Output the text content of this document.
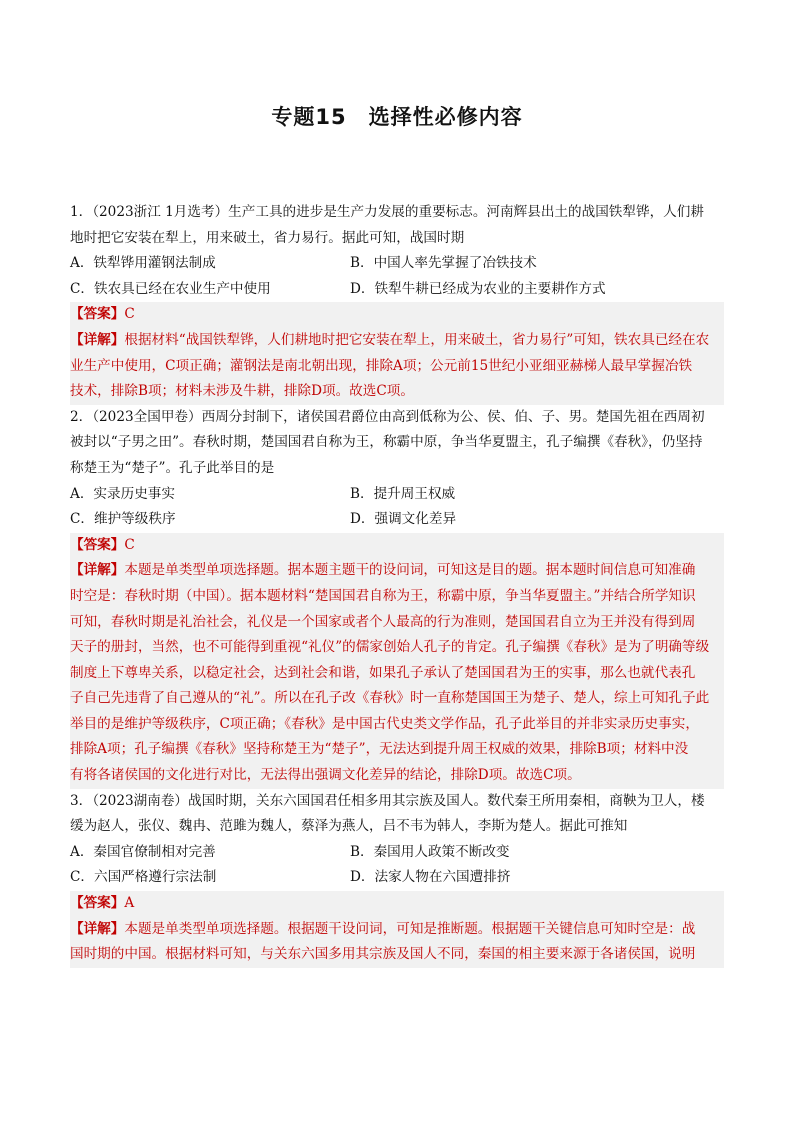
专题15　选择性必修内容
1．（2023浙江 1月选考）生产工具的进步是生产力发展的重要标志。河南辉县出土的战国铁犁铧，人们耕
地时把它安装在犁上，用来破土，省力易行。据此可知，战国时期
A．铁犁铧用灌钢法制成	B．中国人率先掌握了冶铁技术
C．铁农具已经在农业生产中使用	D．铁犁牛耕已经成为农业的主要耕作方式
【答案】C
【详解】根据材料“战国铁犁铧，人们耕地时把它安装在犁上，用来破土，省力易行”可知，铁农具已经在农
业生产中使用，C项正确；灌钢法是南北朝出现，排除A项；公元前15世纪小亚细亚赫梯人最早掌握冶铁
技术，排除B项；材料未涉及牛耕，排除D项。故选C项。
2．（2023全国甲卷）西周分封制下，诸侯国君爵位由高到低称为公、侯、伯、子、男。楚国先祖在西周初
被封以“子男之田”。春秋时期，楚国国君自称为王，称霸中原，争当华夏盟主，孔子编撰《春秋》，仍坚持
称楚王为“楚子”。孔子此举目的是
A．实录历史事实	B．提升周王权威
C．维护等级秩序	D．强调文化差异
【答案】C
【详解】本题是单类型单项选择题。据本题主题干的设问词，可知这是目的题。据本题时间信息可知准确
时空是：春秋时期（中国）。据本题材料“楚国国君自称为王，称霸中原，争当华夏盟主。”并结合所学知识
可知，春秋时期是礼治社会，礼仪是一个国家或者个人最高的行为准则，楚国国君自立为王并没有得到周
天子的册封，当然，也不可能得到重视“礼仪”的儒家创始人孔子的肯定。孔子编撰《春秋》是为了明确等级
制度上下尊卑关系，以稳定社会，达到社会和谐，如果孔子承认了楚国国君为王的实事，那么也就代表孔
子自己先违背了自己遵从的“礼”。所以在孔子改《春秋》时一直称楚国国王为楚子、楚人，综上可知孔子此
举目的是维护等级秩序，C项正确；《春秋》是中国古代史类文学作品，孔子此举目的并非实录历史事实，
排除A项；孔子编撰《春秋》坚持称楚王为“楚子”，无法达到提升周王权威的效果，排除B项；材料中没
有将各诸侯国的文化进行对比，无法得出强调文化差异的结论，排除D项。故选C项。
3．（2023湖南卷）战国时期，关东六国国君任相多用其宗族及国人。数代秦王所用秦相，商鞅为卫人，楼
缓为赵人，张仪、魏冉、范雎为魏人，蔡泽为燕人，吕不韦为韩人，李斯为楚人。据此可推知
A．秦国官僚制相对完善	B．秦国用人政策不断改变
C．六国严格遵行宗法制	D．法家人物在六国遭排挤
【答案】A
【详解】本题是单类型单项选择题。根据题干设问词，可知是推断题。根据题干关键信息可知时空是：战
国时期的中国。根据材料可知，与关东六国多用其宗族及国人不同，秦国的相主要来源于各诸侯国，说明
